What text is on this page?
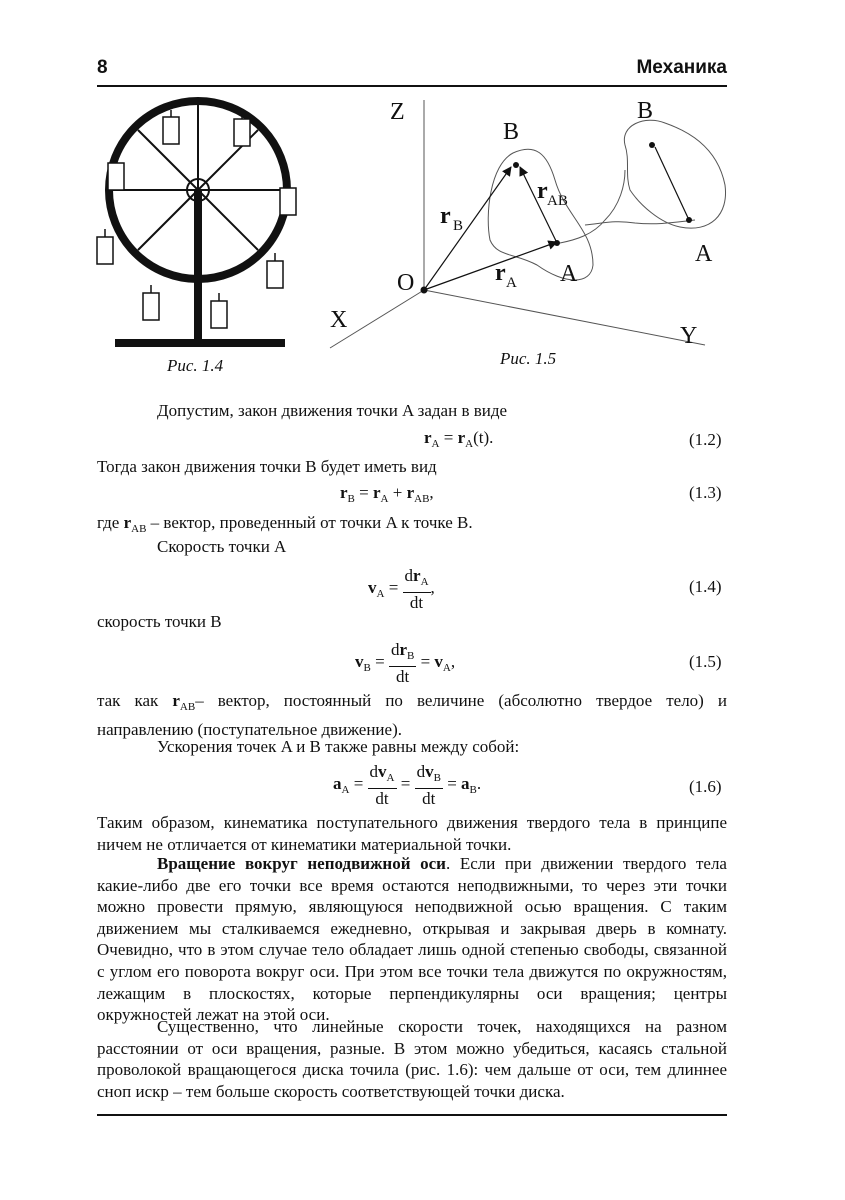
8	Механика
Рис. 1.4
Z
X
Y
O	A
A
B
B
r B
r AB
r A
Рис. 1.5

Допустим, закон движения точки A задан в виде

$r_A = r_A(t)$.	(1.2)

Тогда закон движения точки B будет иметь вид

$r_B = r_A + r_{AB}$,	(1.3)

где $r_{AB}$ – вектор, проведенный от точки A к точке B.

Скорость точки A

$v_A = \frac{dr_A}{dt}$ ,	(1.4)

скорость точки B

$v_B = \frac{dr_B}{dt} = v_A$,	(1.5)

так как $r_{AB}-$ вектор, постоянный по величине (абсолютно твердое тело) и направлению (поступательное движение).

Ускорения точек A и B также равны между собой:

$a_A = \frac{dv_A}{dt} = \frac{dv_B}{dt} = a_B$.	(1.6)

Таким образом, кинематика поступательного движения твердого тела в принципе ничем не отличается от кинематики материальной точки.

Вращение вокруг неподвижной оси. Если при движении твердого тела какие-либо две его точки все время остаются неподвижными, то через эти точки можно провести прямую, являющуюся неподвижной осью вращения. С таким движением мы сталкиваемся ежедневно, открывая и закрывая дверь в комнату. Очевидно, что в этом случае тело обладает лишь одной степенью свободы, связанной с углом его поворота вокруг оси. При этом все точки тела движутся по окружностям, лежащим в плоскостях, которые перпендикулярны оси вращения; центры окружностей лежат на этой оси.

Существенно, что линейные скорости точек, находящихся на разном расстоянии от оси вращения, разные. В этом можно убедиться, касаясь стальной проволокой вращающегося диска точила (рис. 1.6): чем дальше от оси, тем длиннее сноп искр – тем больше скорость соответствующей точки диска.
